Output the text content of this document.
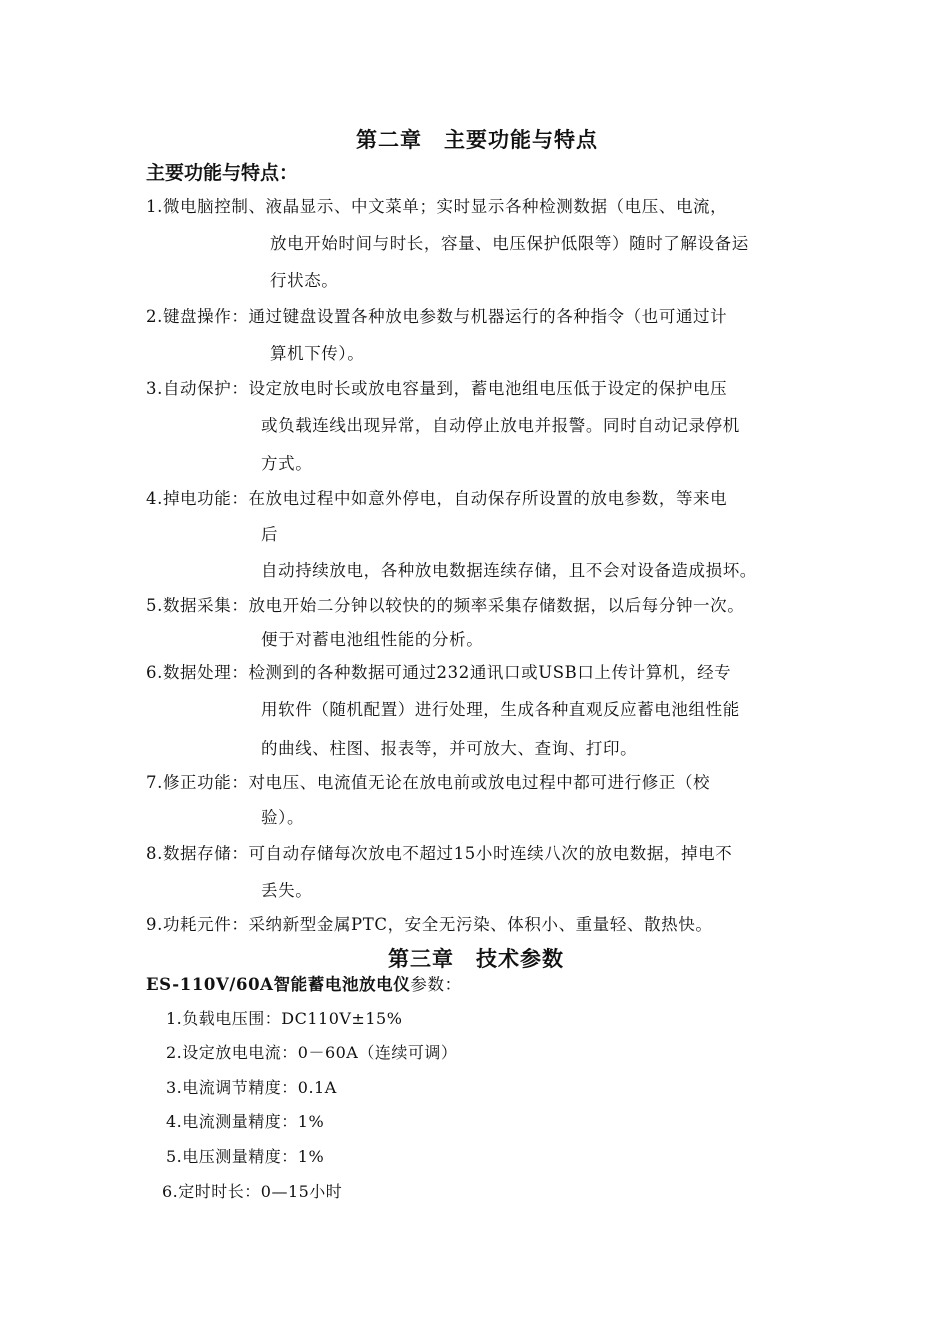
第二章　主要功能与特点
主要功能与特点：
1.微电脑控制、液晶显示、中文菜单；实时显示各种检测数据（电压、电流，
放电开始时间与时长，容量、电压保护低限等）随时了解设备运
行状态。
2.键盘操作：通过键盘设置各种放电参数与机器运行的各种指令（也可通过计
算机下传）。
3.自动保护：设定放电时长或放电容量到，蓄电池组电压低于设定的保护电压
或负载连线出现异常，自动停止放电并报警。同时自动记录停机
方式。
4.掉电功能：在放电过程中如意外停电，自动保存所设置的放电参数，等来电
后
自动持续放电，各种放电数据连续存储，且不会对设备造成损坏。
5.数据采集：放电开始二分钟以较快的的频率采集存储数据，以后每分钟一次。
便于对蓄电池组性能的分析。
6.数据处理：检测到的各种数据可通过232通讯口或USB口上传计算机，经专
用软件（随机配置）进行处理，生成各种直观反应蓄电池组性能
的曲线、柱图、报表等，并可放大、查询、打印。
7.修正功能：对电压、电流值无论在放电前或放电过程中都可进行修正（校
验）。
8.数据存储：可自动存储每次放电不超过15小时连续八次的放电数据，掉电不
丢失。
9.功耗元件：采纳新型金属PTC，安全无污染、体积小、重量轻、散热快。
第三章　技术参数
ES-110V/60A智能蓄电池放电仪参数：
1.负载电压围：DC110V±15%
2.设定放电电流：0－60A（连续可调）
3.电流调节精度：0.1A
4.电流测量精度：1%
5.电压测量精度：1%
6.定时时长：0—15小时
